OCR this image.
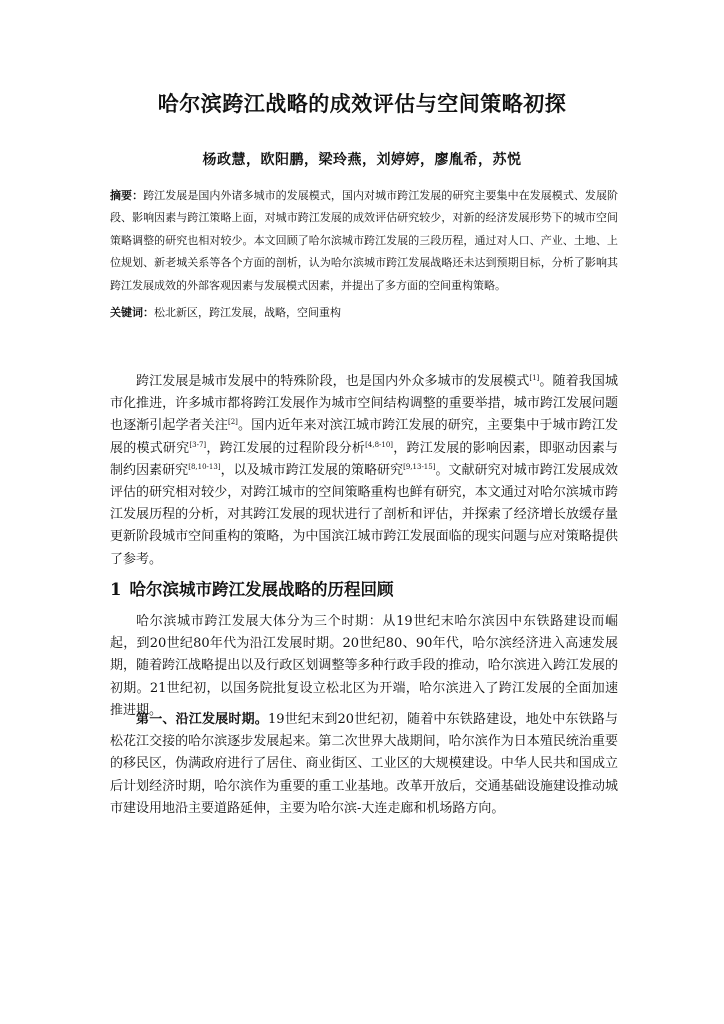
哈尔滨跨江战略的成效评估与空间策略初探

杨政慧，欧阳鹏，梁玲燕，刘婷婷，廖胤希，苏悦

摘要：跨江发展是国内外诸多城市的发展模式，国内对城市跨江发展的研究主要集中在发展模式、发展阶段、影响因素与跨江策略上面，对城市跨江发展的成效评估研究较少，对新的经济发展形势下的城市空间策略调整的研究也相对较少。本文回顾了哈尔滨城市跨江发展的三段历程，通过对人口、产业、土地、上位规划、新老城关系等各个方面的剖析，认为哈尔滨城市跨江发展战略还未达到预期目标，分析了影响其跨江发展成效的外部客观因素与发展模式因素，并提出了多方面的空间重构策略。

关键词：松北新区，跨江发展，战略，空间重构

跨江发展是城市发展中的特殊阶段，也是国内外众多城市的发展模式[1]。随着我国城市化推进，许多城市都将跨江发展作为城市空间结构调整的重要举措，城市跨江发展问题也逐渐引起学者关注[2]。国内近年来对滨江城市跨江发展的研究，主要集中于城市跨江发展的模式研究[3-7]，跨江发展的过程阶段分析[4,8-10]，跨江发展的影响因素，即驱动因素与制约因素研究[8,10-13]，以及城市跨江发展的策略研究[9,13-15]。文献研究对城市跨江发展成效评估的研究相对较少，对跨江城市的空间策略重构也鲜有研究，本文通过对哈尔滨城市跨江发展历程的分析，对其跨江发展的现状进行了剖析和评估，并探索了经济增长放缓存量更新阶段城市空间重构的策略，为中国滨江城市跨江发展面临的现实问题与应对策略提供了参考。

1 哈尔滨城市跨江发展战略的历程回顾

哈尔滨城市跨江发展大体分为三个时期：从19世纪末哈尔滨因中东铁路建设而崛起，到20世纪80年代为沿江发展时期。20世纪80、90年代，哈尔滨经济进入高速发展期，随着跨江战略提出以及行政区划调整等多种行政手段的推动，哈尔滨进入跨江发展的初期。21世纪初，以国务院批复设立松北区为开端，哈尔滨进入了跨江发展的全面加速推进期。

第一、沿江发展时期。19世纪末到20世纪初，随着中东铁路建设，地处中东铁路与松花江交接的哈尔滨逐步发展起来。第二次世界大战期间，哈尔滨作为日本殖民统治重要的移民区，伪满政府进行了居住、商业街区、工业区的大规模建设。中华人民共和国成立后计划经济时期，哈尔滨作为重要的重工业基地。改革开放后，交通基础设施建设推动城市建设用地沿主要道路延伸，主要为哈尔滨-大连走廊和机场路方向。
